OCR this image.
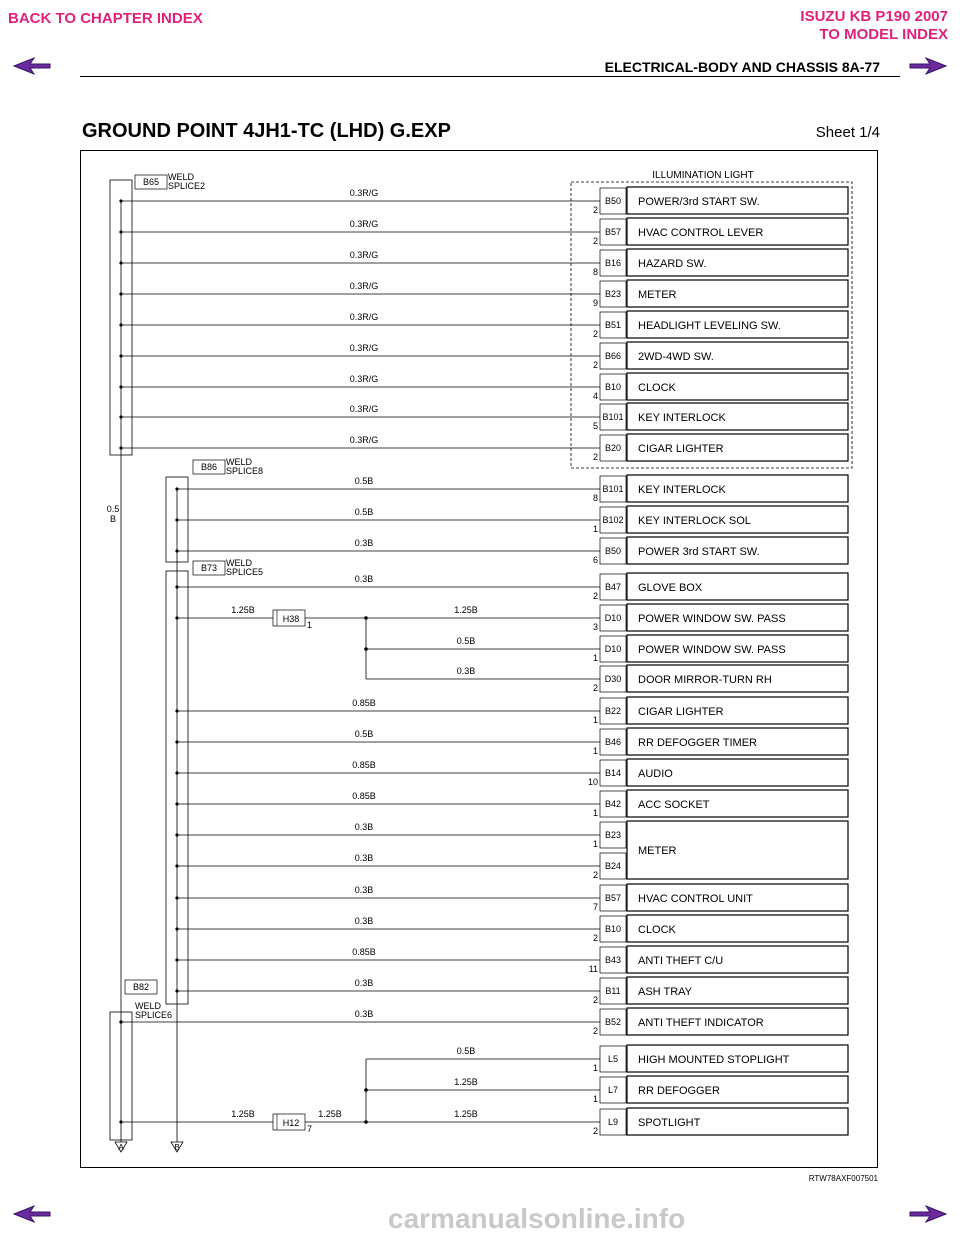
BACK TO CHAPTER INDEX	ISUZU KB P190 2007
TO MODEL INDEX
ELECTRICAL-BODY AND CHASSIS 8A-77
GROUND POINT 4JH1-TC (LHD) G.EXP	Sheet 1/4
ILLUMINATION LIGHT
B65 WELD
SPLICE2
B86 WELD
SPLICE8
B73 WELD
SPLICE5
B82
WELD
SPLICE6
0.5
B
A	B
POWER/3rd START SW.
HVAC CONTROL LEVER
HAZARD SW.
METER
HEADLIGHT LEVELING SW.
2WD-4WD SW.
CLOCK
KEY INTERLOCK
CIGAR LIGHTER
KEY INTERLOCK
KEY INTERLOCK SOL
POWER 3rd START SW.
GLOVE BOX
POWER WINDOW SW. PASS
POWER WINDOW SW. PASS
DOOR MIRROR-TURN RH
CIGAR LIGHTER
RR DEFOGGER TIMER
AUDIO
ACC SOCKET
METER
HVAC CONTROL UNIT
CLOCK
ANTI THEFT C/U
ASH TRAY
ANTI THEFT INDICATOR
HIGH MOUNTED STOPLIGHT
RR DEFOGGER
SPOTLIGHT
B50
2
0.3R/G
B57
2
0.3R/G
B16
8
0.3R/G
B23
9
0.3R/G
B51
2
0.3R/G
B66
2
0.3R/G
B10
4
0.3R/G
B101
5
0.3R/G
B20
2
0.3R/G
B101
8
0.5B
B102
1
0.5B
B50
6
0.3B
B47
2
0.3B
D10
3
1.25B
D10
1
0.5B
D30
2
0.3B
B22
1
0.85B
B46
1
0.5B
B14
10
0.85B
B42
1
0.85B
B23
1
0.3B
B24
2
0.3B
B57
7
0.3B
B10
2
0.3B
B43
11
0.85B
B11
2
0.3B
B52
2
0.3B
L5
1
0.5B
L7
1
1.25B
L9
2
1.25B
H38
1
1.25B
H12
7
1.25B	1.25B
RTW78AXF007501
carmanualsonline.info
